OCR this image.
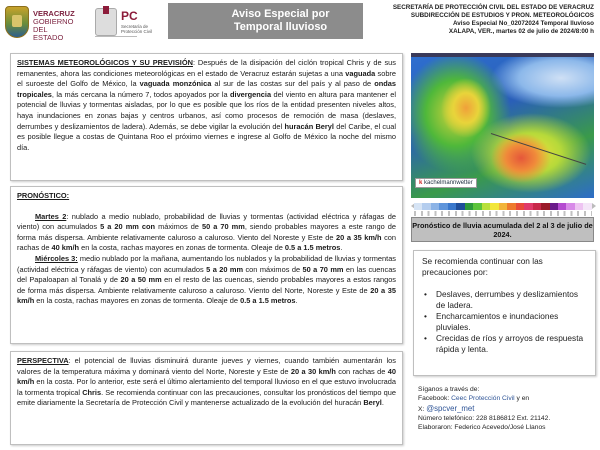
VERACRUZ
GOBIERNO
DEL ESTADO
PC
Secretaría de
Protección Civil
Aviso Especial por
Temporal lluvioso
SECRETARÍA DE PROTECCIÓN CIVIL DEL ESTADO DE VERACRUZ
SUBDIRECCIÓN DE ESTUDIOS Y PRON. METEOROLÓGICOS
Aviso Especial No_02072024 Temporal lluvioso
XALAPA, VER., martes 02 de julio de 2024/8:00 h
SISTEMAS METEOROLÓGICOS Y SU PREVISIÓN: Después de la disipación del ciclón tropical Chris y de sus remanentes, ahora las condiciones meteorológicas en el estado de Veracruz estarán sujetas a una vaguada sobre el suroeste del Golfo de México, la vaguada monzónica al sur de las costas sur del país y al paso de ondas tropicales, la más cercana la número 7, todos apoyados por la divergencia del viento en altura para mantener el potencial de lluvias y tormentas aisladas, por lo que es posible que los ríos de la entidad presenten niveles altos, haya inundaciones en zonas bajas y centros urbanos, así como procesos de remoción de masa (deslaves, derrumbes y deslizamientos de ladera). Además, se debe vigilar la evolución del huracán Beryl del Caribe, el cual es posible llegue a costas de Quintana Roo el próximo viernes e ingrese al Golfo de México la noche del mismo día.
PRONÓSTICO:
Martes 2: nublado a medio nublado, probabilidad de lluvias y tormentas (actividad eléctrica y ráfagas de viento) con acumulados 5 a 20 mm con máximos de 50 a 70 mm, siendo probables mayores a este rango de forma más dispersa. Ambiente relativamente caluroso a caluroso. Viento del Noreste y Este de 20 a 35 km/h con rachas de 40 km/h en la costa, rachas mayores en zonas de tormenta. Oleaje de 0.5 a 1.5 metros.
Miércoles 3: medio nublado por la mañana, aumentando los nublados y la probabilidad de lluvias y tormentas (actividad eléctrica y ráfagas de viento) con acumulados 5 a 20 mm con máximos de 50 a 70 mm en las cuencas del Papaloapan al Tonalá y de 20 a 50 mm en el resto de las cuencas, siendo probables mayores a estos rangos de forma más dispersa. Ambiente relativamente caluroso a caluroso. Viento del Norte, Noreste y Este de 20 a 35 km/h en la costa, rachas mayores en zonas de tormenta. Oleaje de 0.5 a 1.5 metros.
PERSPECTIVA: el potencial de lluvias disminuirá durante jueves y viernes, cuando también aumentarán los valores de la temperatura máxima y dominará viento del Norte, Noreste y Este de 20 a 30 km/h con rachas de 40 km/h en la costa. Por lo anterior, este será el último alertamiento del temporal lluvioso en el que estuvo involucrada la tormenta tropical Chris. Se recomienda continuar con las precauciones, consultar los pronósticos del tiempo que emite diariamente la Secretaría de Protección Civil y mantenerse actualizado de la evolución del huracán Beryl.
k kachelmannwetter
Pronóstico de lluvia acumulada del 2 al 3 de julio de 2024.
Se recomienda continuar con las precauciones por:
• Deslaves, derrumbes y deslizamientos de ladera.
• Encharcamientos e inundaciones pluviales.
• Crecidas de ríos y arroyos de respuesta rápida y lenta.
Síganos a través de:
Facebook: Ceec Protección Civil y en
X: @spcver_met
Número telefónico: 228 8186812 Ext. 21142.
Elaboraron: Federico Acevedo/José Llanos
